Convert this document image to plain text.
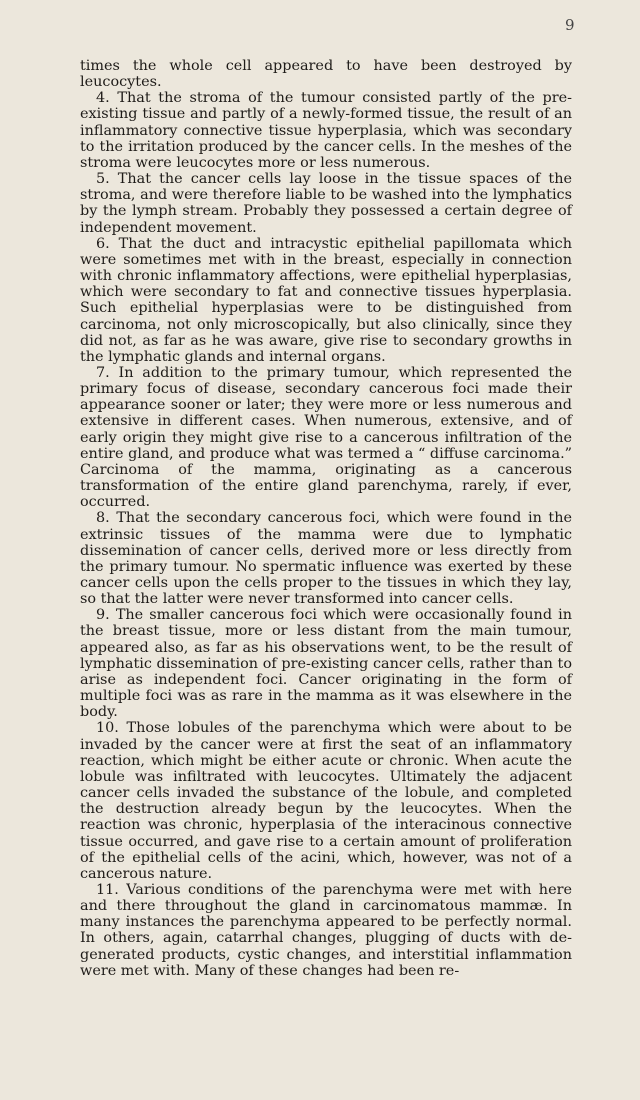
9

times the whole cell appeared to have been destroyed by leucocytes.

4. That the stroma of the tumour consisted partly of the pre-existing tissue and partly of a newly-formed tissue, the result of an inflammatory connective tissue hyperplasia, which was secondary to the irritation produced by the cancer cells. In the meshes of the stroma were leucocytes more or less numerous.

5. That the cancer cells lay loose in the tissue spaces of the stroma, and were therefore liable to be washed into the lymphatics by the lymph stream. Probably they possessed a certain degree of independent movement.

6. That the duct and intracystic epithelial papillomata which were sometimes met with in the breast, especially in connection with chronic inflammatory affections, were epithelial hyperplasias, which were secondary to fat and connective tissues hyperplasia. Such epithelial hyperplasias were to be distinguished from carcinoma, not only microscopically, but also clinically, since they did not, as far as he was aware, give rise to secondary growths in the lymphatic glands and internal organs.

7. In addition to the primary tumour, which represented the primary focus of disease, secondary cancerous foci made their appearance sooner or later; they were more or less numerous and extensive in different cases. When numerous, extensive, and of early origin they might give rise to a cancerous infiltration of the entire gland, and produce what was termed a “ diffuse carcinoma.” Carcinoma of the mamma, originating as a cancerous transformation of the entire gland parenchyma, rarely, if ever, occurred.

8. That the secondary cancerous foci, which were found in the extrinsic tissues of the mamma were due to lymphatic dissemination of cancer cells, derived more or less directly from the primary tumour. No spermatic influence was exerted by these cancer cells upon the cells proper to the tissues in which they lay, so that the latter were never transformed into cancer cells.

9. The smaller cancerous foci which were occasionally found in the breast tissue, more or less distant from the main tumour, appeared also, as far as his observations went, to be the result of lymphatic dissemination of pre-existing cancer cells, rather than to arise as independent foci. Cancer originating in the form of multiple foci was as rare in the mamma as it was elsewhere in the body.

10. Those lobules of the parenchyma which were about to be invaded by the cancer were at first the seat of an inflammatory reaction, which might be either acute or chronic. When acute the lobule was infiltrated with leucocytes. Ultimately the adjacent cancer cells invaded the substance of the lobule, and completed the destruction already begun by the leucocytes. When the reaction was chronic, hyperplasia of the interacinous connective tissue occurred, and gave rise to a certain amount of proliferation of the epithelial cells of the acini, which, however, was not of a cancerous nature.

11. Various conditions of the parenchyma were met with here and there throughout the gland in carcinomatous mammæ. In many instances the parenchyma appeared to be perfectly normal. In others, again, catarrhal changes, plugging of ducts with degenerated products, cystic changes, and interstitial inflammation were met with. Many of these changes had been re-
